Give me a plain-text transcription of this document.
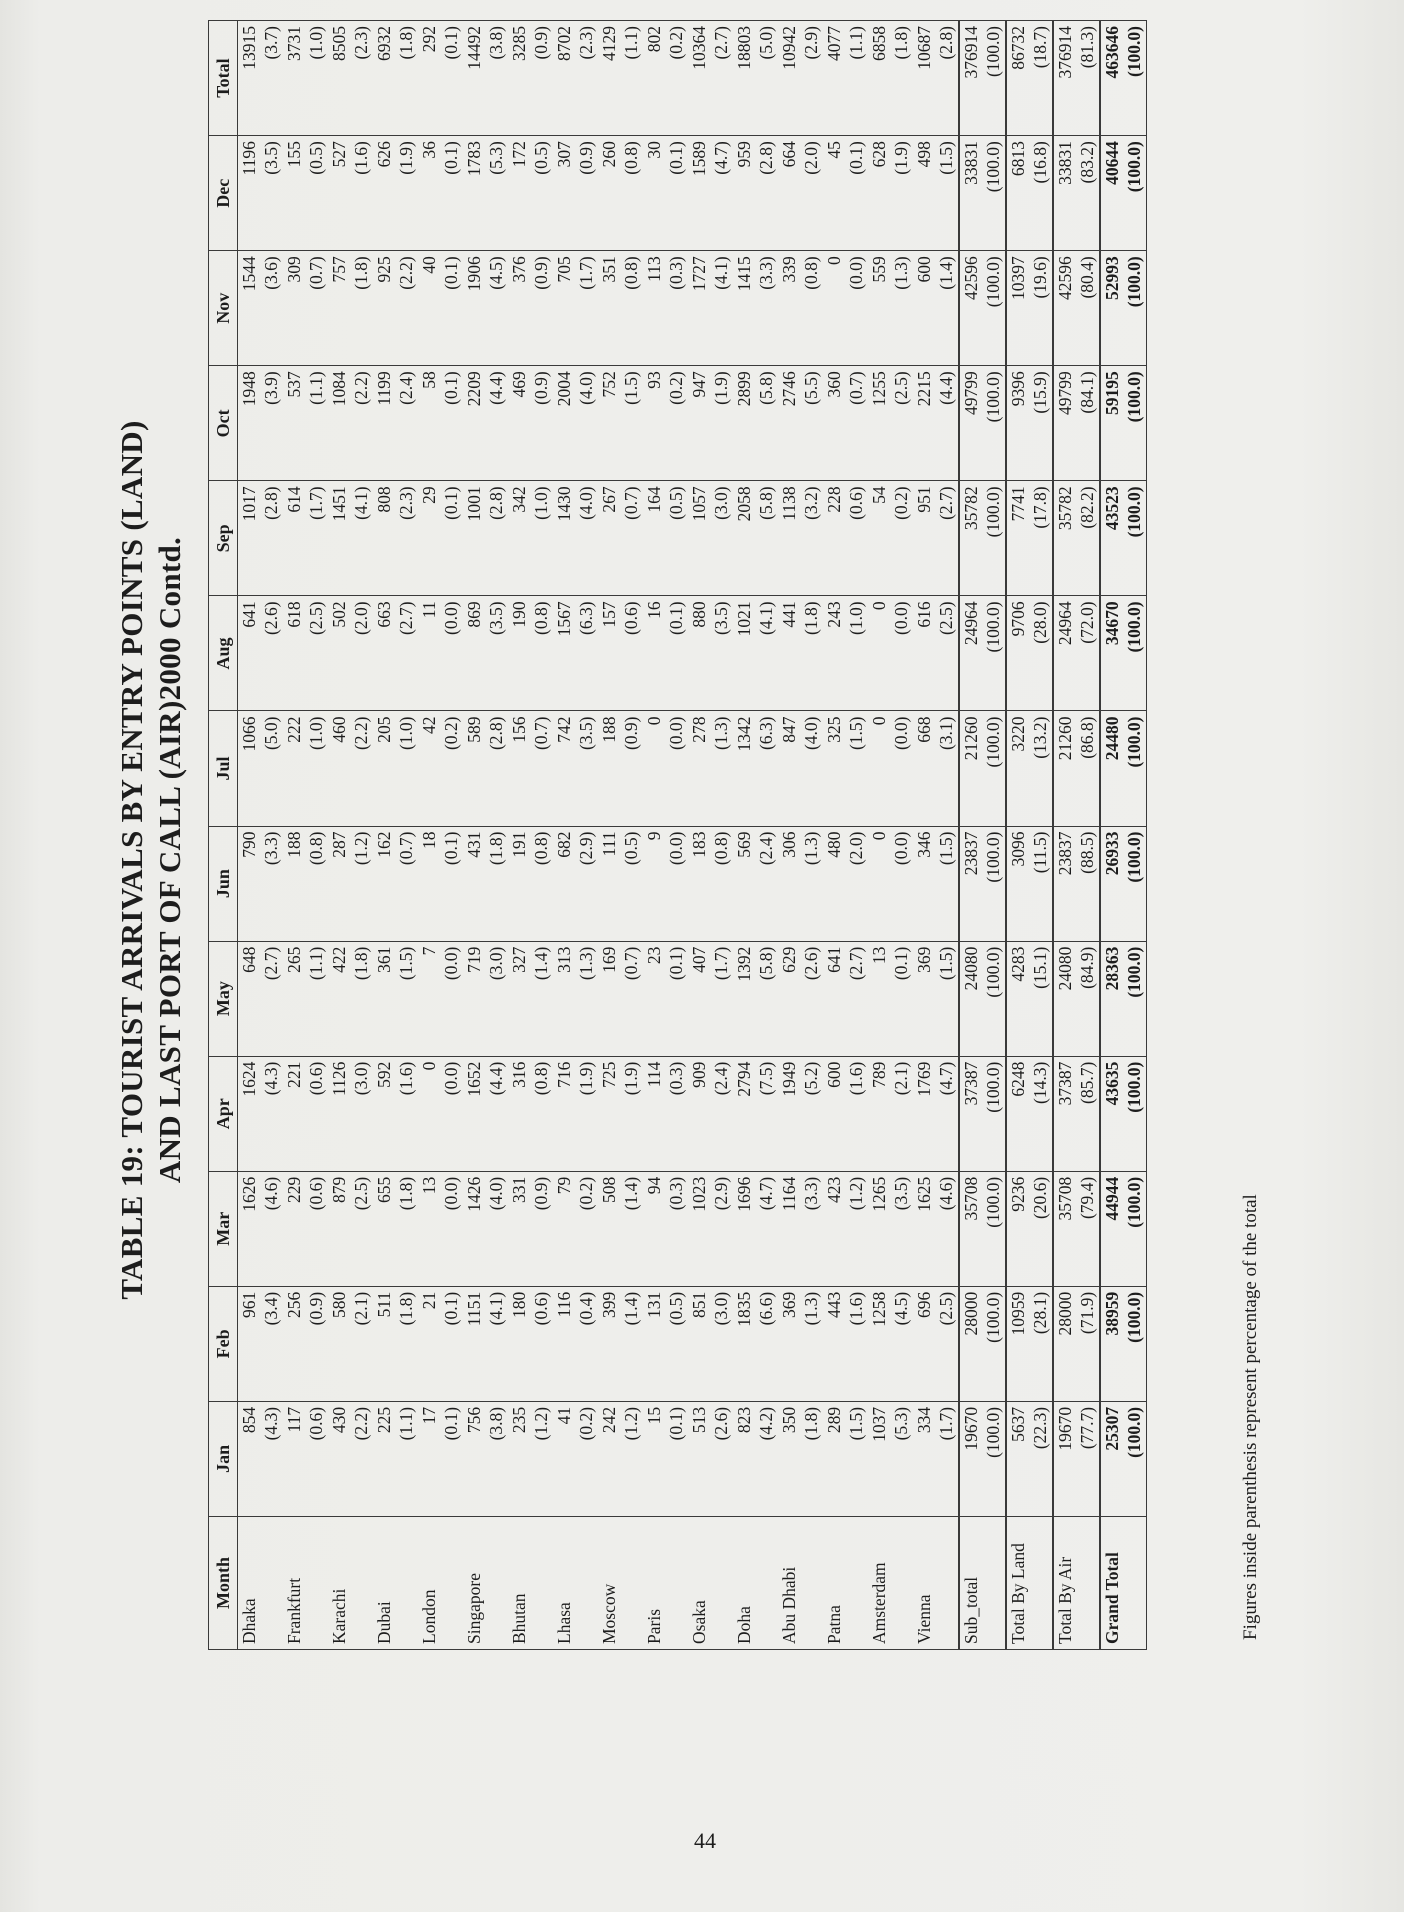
TABLE 19: TOURIST ARRIVALS BY ENTRY POINTS (LAND) AND LAST PORT OF CALL (AIR)2000 Contd.
Month	Jan	Feb	Mar	Apr	May	Jun	Jul	Aug	Sep	Oct	Nov	Dec	Total
Dhaka	854	961	1626	1624	648	790	1066	641	1017	1948	1544	1196	13915
	(4.3)	(3.4)	(4.6)	(4.3)	(2.7)	(3.3)	(5.0)	(2.6)	(2.8)	(3.9)	(3.6)	(3.5)	(3.7)
Frankfurt	117	256	229	221	265	188	222	618	614	537	309	155	3731
	(0.6)	(0.9)	(0.6)	(0.6)	(1.1)	(0.8)	(1.0)	(2.5)	(1.7)	(1.1)	(0.7)	(0.5)	(1.0)
Karachi	430	580	879	1126	422	287	460	502	1451	1084	757	527	8505
	(2.2)	(2.1)	(2.5)	(3.0)	(1.8)	(1.2)	(2.2)	(2.0)	(4.1)	(2.2)	(1.8)	(1.6)	(2.3)
Dubai	225	511	655	592	361	162	205	663	808	1199	925	626	6932
	(1.1)	(1.8)	(1.8)	(1.6)	(1.5)	(0.7)	(1.0)	(2.7)	(2.3)	(2.4)	(2.2)	(1.9)	(1.8)
London	17	21	13	0	7	18	42	11	29	58	40	36	292
	(0.1)	(0.1)	(0.0)	(0.0)	(0.0)	(0.1)	(0.2)	(0.0)	(0.1)	(0.1)	(0.1)	(0.1)	(0.1)
Singapore	756	1151	1426	1652	719	431	589	869	1001	2209	1906	1783	14492
	(3.8)	(4.1)	(4.0)	(4.4)	(3.0)	(1.8)	(2.8)	(3.5)	(2.8)	(4.4)	(4.5)	(5.3)	(3.8)
Bhutan	235	180	331	316	327	191	156	190	342	469	376	172	3285
	(1.2)	(0.6)	(0.9)	(0.8)	(1.4)	(0.8)	(0.7)	(0.8)	(1.0)	(0.9)	(0.9)	(0.5)	(0.9)
Lhasa	41	116	79	716	313	682	742	1567	1430	2004	705	307	8702
	(0.2)	(0.4)	(0.2)	(1.9)	(1.3)	(2.9)	(3.5)	(6.3)	(4.0)	(4.0)	(1.7)	(0.9)	(2.3)
Moscow	242	399	508	725	169	111	188	157	267	752	351	260	4129
	(1.2)	(1.4)	(1.4)	(1.9)	(0.7)	(0.5)	(0.9)	(0.6)	(0.7)	(1.5)	(0.8)	(0.8)	(1.1)
Paris	15	131	94	114	23	9	0	16	164	93	113	30	802
	(0.1)	(0.5)	(0.3)	(0.3)	(0.1)	(0.0)	(0.0)	(0.1)	(0.5)	(0.2)	(0.3)	(0.1)	(0.2)
Osaka	513	851	1023	909	407	183	278	880	1057	947	1727	1589	10364
	(2.6)	(3.0)	(2.9)	(2.4)	(1.7)	(0.8)	(1.3)	(3.5)	(3.0)	(1.9)	(4.1)	(4.7)	(2.7)
Doha	823	1835	1696	2794	1392	569	1342	1021	2058	2899	1415	959	18803
	(4.2)	(6.6)	(4.7)	(7.5)	(5.8)	(2.4)	(6.3)	(4.1)	(5.8)	(5.8)	(3.3)	(2.8)	(5.0)
Abu Dhabi	350	369	1164	1949	629	306	847	441	1138	2746	339	664	10942
	(1.8)	(1.3)	(3.3)	(5.2)	(2.6)	(1.3)	(4.0)	(1.8)	(3.2)	(5.5)	(0.8)	(2.0)	(2.9)
Patna	289	443	423	600	641	480	325	243	228	360	0	45	4077
	(1.5)	(1.6)	(1.2)	(1.6)	(2.7)	(2.0)	(1.5)	(1.0)	(0.6)	(0.7)	(0.0)	(0.1)	(1.1)
Amsterdam	1037	1258	1265	789	13	0	0	0	54	1255	559	628	6858
	(5.3)	(4.5)	(3.5)	(2.1)	(0.1)	(0.0)	(0.0)	(0.0)	(0.2)	(2.5)	(1.3)	(1.9)	(1.8)
Vienna	334	696	1625	1769	369	346	668	616	951	2215	600	498	10687
	(1.7)	(2.5)	(4.6)	(4.7)	(1.5)	(1.5)	(3.1)	(2.5)	(2.7)	(4.4)	(1.4)	(1.5)	(2.8)
Sub_total	19670	28000	35708	37387	24080	23837	21260	24964	35782	49799	42596	33831	376914
	(100.0)	(100.0)	(100.0)	(100.0)	(100.0)	(100.0)	(100.0)	(100.0)	(100.0)	(100.0)	(100.0)	(100.0)	(100.0)
Total By Land	5637	10959	9236	6248	4283	3096	3220	9706	7741	9396	10397	6813	86732
	(22.3)	(28.1)	(20.6)	(14.3)	(15.1)	(11.5)	(13.2)	(28.0)	(17.8)	(15.9)	(19.6)	(16.8)	(18.7)
Total By Air	19670	28000	35708	37387	24080	23837	21260	24964	35782	49799	42596	33831	376914
	(77.7)	(71.9)	(79.4)	(85.7)	(84.9)	(88.5)	(86.8)	(72.0)	(82.2)	(84.1)	(80.4)	(83.2)	(81.3)
Grand Total	25307	38959	44944	43635	28363	26933	24480	34670	43523	59195	52993	40644	463646
	(100.0)	(100.0)	(100.0)	(100.0)	(100.0)	(100.0)	(100.0)	(100.0)	(100.0)	(100.0)	(100.0)	(100.0)	(100.0)
Figures inside parenthesis represent percentage of the total
44
